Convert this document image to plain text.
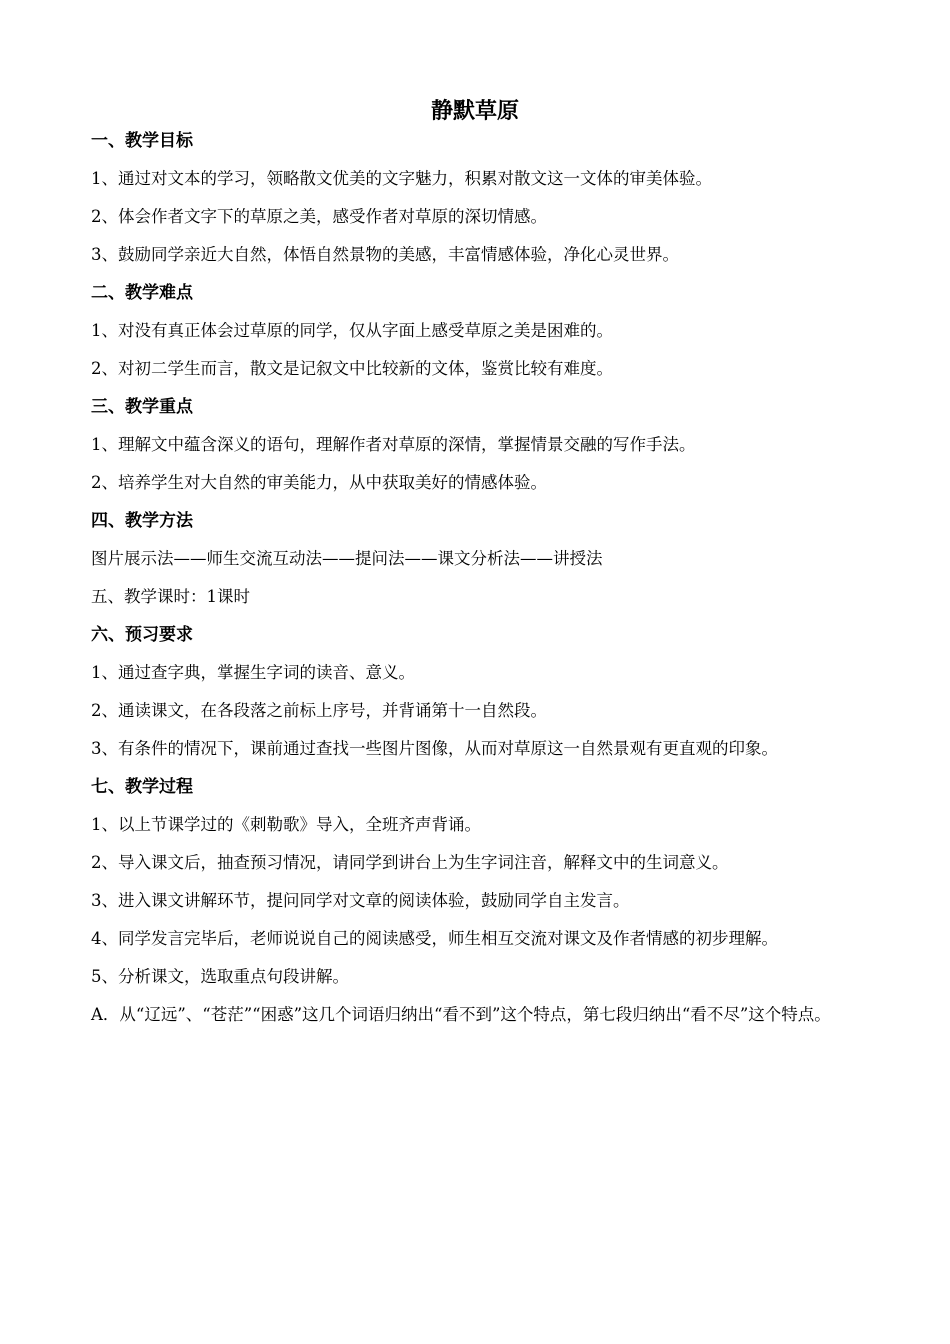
静默草原
一、教学目标
1、通过对文本的学习，领略散文优美的文字魅力，积累对散文这一文体的审美体验。
2、体会作者文字下的草原之美，感受作者对草原的深切情感。
3、鼓励同学亲近大自然，体悟自然景物的美感，丰富情感体验，净化心灵世界。
二、教学难点
1、对没有真正体会过草原的同学，仅从字面上感受草原之美是困难的。
2、对初二学生而言，散文是记叙文中比较新的文体，鉴赏比较有难度。
三、教学重点
1、理解文中蕴含深义的语句，理解作者对草原的深情，掌握情景交融的写作手法。
2、培养学生对大自然的审美能力，从中获取美好的情感体验。
四、教学方法
图片展示法——师生交流互动法——提问法——课文分析法——讲授法
五、教学课时：1课时
六、预习要求
1、通过查字典，掌握生字词的读音、意义。
2、通读课文，在各段落之前标上序号，并背诵第十一自然段。
3、有条件的情况下，课前通过查找一些图片图像，从而对草原这一自然景观有更直观的印象。
七、教学过程
1、以上节课学过的《刺勒歌》导入，全班齐声背诵。
2、导入课文后，抽查预习情况，请同学到讲台上为生字词注音，解释文中的生词意义。
3、进入课文讲解环节，提问同学对文章的阅读体验，鼓励同学自主发言。
4、同学发言完毕后，老师说说自己的阅读感受，师生相互交流对课文及作者情感的初步理解。
5、分析课文，选取重点句段讲解。
A．从“辽远”、“苍茫”“困惑”这几个词语归纳出“看不到”这个特点，第七段归纳出“看不尽”这个特点。
